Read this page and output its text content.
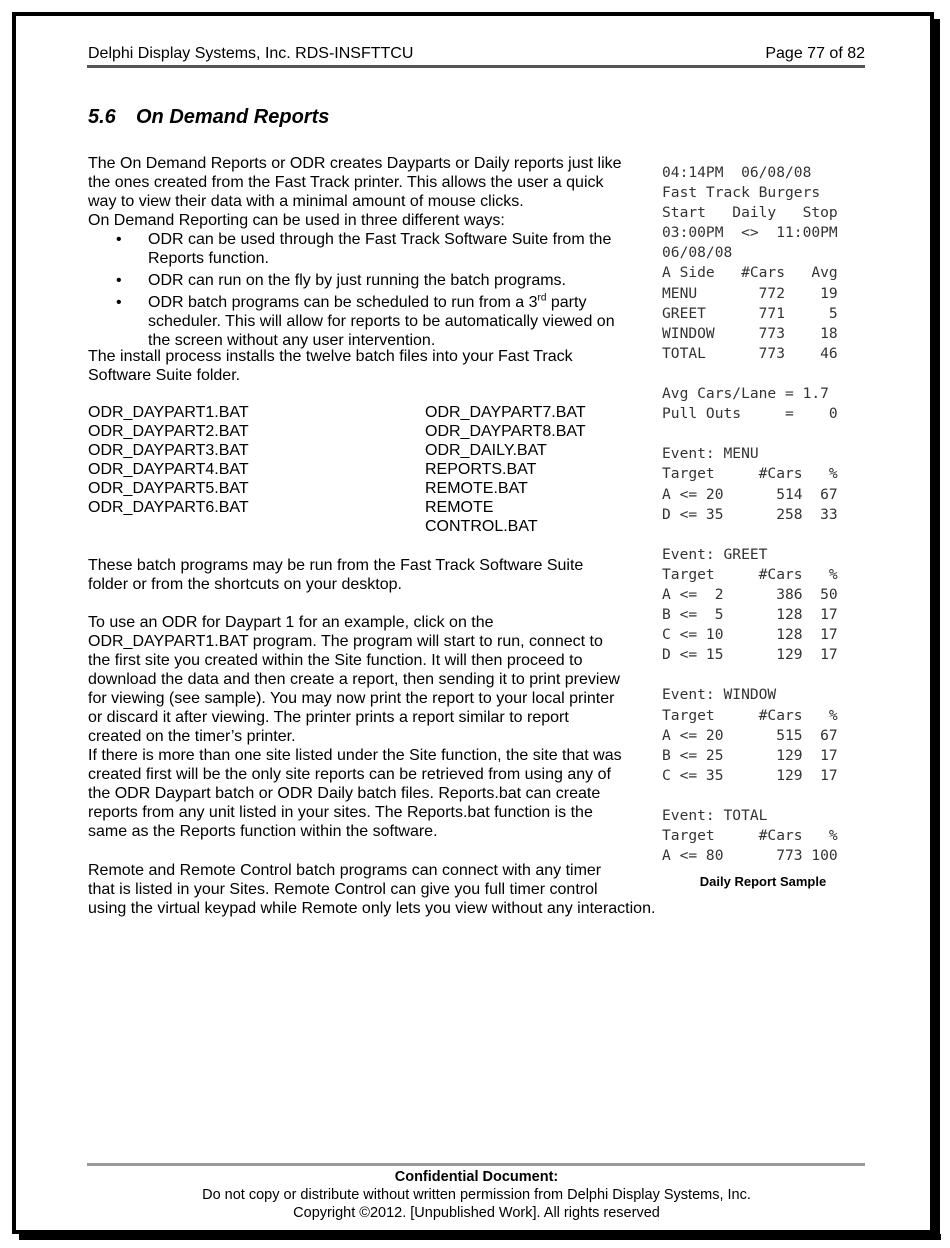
Delphi Display Systems, Inc. RDS-INSFTTCU	Page 77 of 82
5.6 On Demand Reports
The On Demand Reports or ODR creates Dayparts or Daily reports just like
the ones created from the Fast Track printer. This allows the user a quick
way to view their data with a minimal amount of mouse clicks.
On Demand Reporting can be used in three different ways:
• ODR can be used through the Fast Track Software Suite from the
Reports function.
• ODR can run on the fly by just running the batch programs.
• ODR batch programs can be scheduled to run from a 3rd party
scheduler. This will allow for reports to be automatically viewed on
the screen without any user intervention.
The install process installs the twelve batch files into your Fast Track
Software Suite folder.
ODR_DAYPART1.BAT
ODR_DAYPART2.BAT
ODR_DAYPART3.BAT
ODR_DAYPART4.BAT
ODR_DAYPART5.BAT
ODR_DAYPART6.BAT
ODR_DAYPART7.BAT
ODR_DAYPART8.BAT
ODR_DAILY.BAT
REPORTS.BAT
REMOTE.BAT
REMOTE
CONTROL.BAT
These batch programs may be run from the Fast Track Software Suite
folder or from the shortcuts on your desktop.
To use an ODR for Daypart 1 for an example, click on the
ODR_DAYPART1.BAT program. The program will start to run, connect to
the first site you created within the Site function. It will then proceed to
download the data and then create a report, then sending it to print preview
for viewing (see sample). You may now print the report to your local printer
or discard it after viewing. The printer prints a report similar to report
created on the timer’s printer.
If there is more than one site listed under the Site function, the site that was
created first will be the only site reports can be retrieved from using any of
the ODR Daypart batch or ODR Daily batch files. Reports.bat can create
reports from any unit listed in your sites. The Reports.bat function is the
same as the Reports function within the software.
Remote and Remote Control batch programs can connect with any timer
that is listed in your Sites. Remote Control can give you full timer control
using the virtual keypad while Remote only lets you view without any interaction.
04:14PM  06/08/08
Fast Track Burgers
Start   Daily   Stop
03:00PM  <>  11:00PM
06/08/08
A Side   #Cars   Avg
MENU       772    19
GREET      771     5
WINDOW     773    18
TOTAL      773    46
Avg Cars/Lane = 1.7
Pull Outs     =    0
Event: MENU
Target     #Cars   %
A <= 20      514  67
D <= 35      258  33
Event: GREET
Target     #Cars   %
A <=  2      386  50
B <=  5      128  17
C <= 10      128  17
D <= 15      129  17
Event: WINDOW
Target     #Cars   %
A <= 20      515  67
B <= 25      129  17
C <= 35      129  17
Event: TOTAL
Target     #Cars   %
A <= 80      773 100
Daily Report Sample
Confidential Document:
Do not copy or distribute without written permission from Delphi Display Systems, Inc.
Copyright ©2012. [Unpublished Work]. All rights reserved
